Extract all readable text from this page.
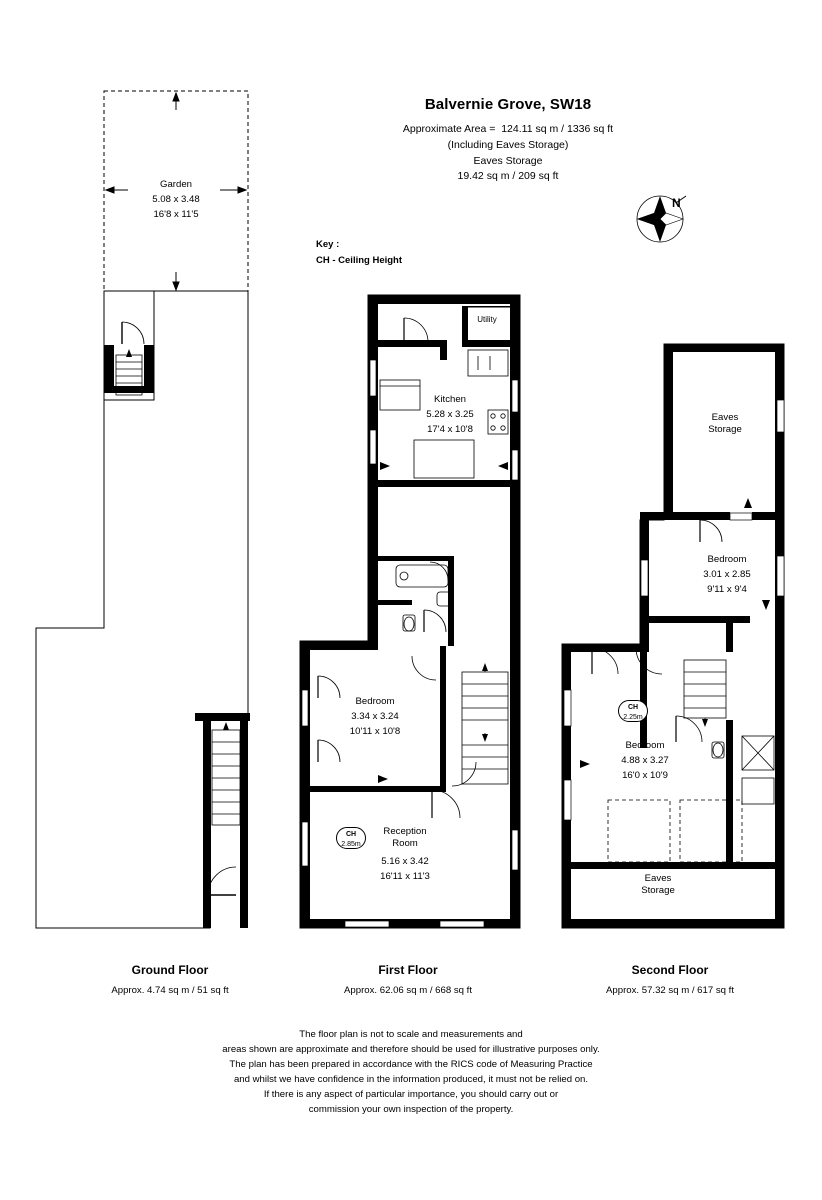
Balvernie Grove, SW18
Approximate Area =  124.11 sq m / 1336 sq ft
(Including Eaves Storage)
Eaves Storage
19.42 sq m / 209 sq ft
Key :
CH - Ceiling Height
N
Garden
5.08 x 3.48
16'8 x 11'5
Utility
Kitchen
5.28 x 3.25
17'4 x 10'8
Bedroom
3.34 x 3.24
10'11 x 10'8
Reception
Room
5.16 x 3.42
16'11 x 11'3
CH
2.85m
Eaves
Storage
Bedroom
3.01 x 2.85
9'11 x 9'4
Bedroom
4.88 x 3.27
16'0 x 10'9
Eaves
Storage
CH
2.25m
Ground Floor
Approx. 4.74 sq m / 51 sq ft
First Floor
Approx. 62.06 sq m / 668 sq ft
Second Floor
Approx. 57.32 sq m / 617 sq ft
The floor plan is not to scale and measurements and
areas shown are approximate and therefore should be used for illustrative purposes only.
The plan has been prepared in accordance with the RICS code of Measuring Practice
and whilst we have confidence in the information produced, it must not be relied on.
If there is any aspect of particular importance, you should carry out or
commission your own inspection of the property.
